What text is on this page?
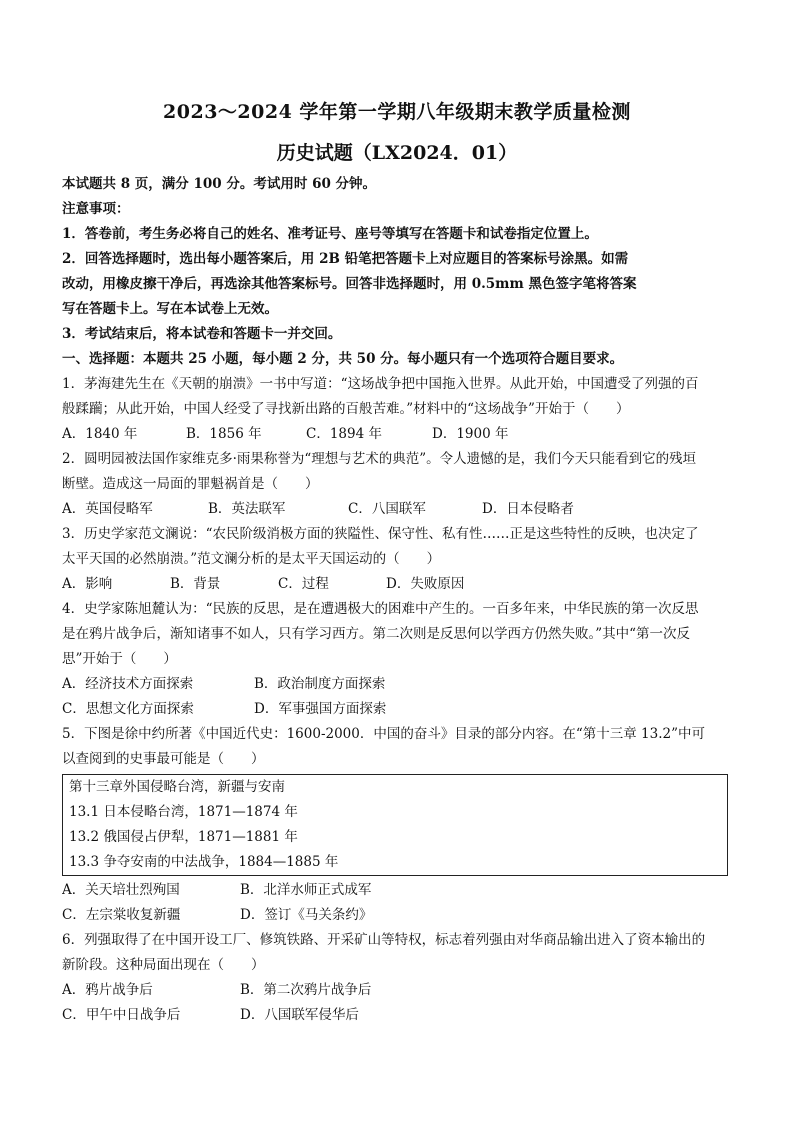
2023～2024 学年第一学期八年级期末教学质量检测
历史试题（LX2024．01）
本试题共 8 页，满分 100 分。考试用时 60 分钟。
注意事项：
1．答卷前，考生务必将自己的姓名、准考证号、座号等填写在答题卡和试卷指定位置上。
2．回答选择题时，选出每小题答案后，用 2B 铅笔把答题卡上对应题目的答案标号涂黑。如需
改动，用橡皮擦干净后，再选涂其他答案标号。回答非选择题时，用 0.5mm 黑色签字笔将答案
写在答题卡上。写在本试卷上无效。
3．考试结束后，将本试卷和答题卡一并交回。
一、选择题：本题共 25 小题，每小题 2 分，共 50 分。每小题只有一个选项符合题目要求。
1．茅海建先生在《天朝的崩溃》一书中写道：“这场战争把中国拖入世界。从此开始，中国遭受了列强的百
般蹂躏；从此开始，中国人经受了寻找新出路的百般苦难。”材料中的“这场战争”开始于（　　）
A．1840 年	B．1856 年	C．1894 年	D．1900 年
2．圆明园被法国作家维克多·雨果称誉为“理想与艺术的典范”。令人遗憾的是，我们今天只能看到它的残垣
断壁。造成这一局面的罪魁祸首是（　　）
A．英国侵略军	B．英法联军	C．八国联军	D．日本侵略者
3．历史学家范文澜说：“农民阶级消极方面的狭隘性、保守性、私有性……正是这些特性的反映，也决定了
太平天国的必然崩溃。”范文澜分析的是太平天国运动的（　　）
A．影响	B．背景	C．过程	D．失败原因
4．史学家陈旭麓认为：“民族的反思，是在遭遇极大的困难中产生的。一百多年来，中华民族的第一次反思
是在鸦片战争后，渐知诸事不如人，只有学习西方。第二次则是反思何以学西方仍然失败。”其中“第一次反
思”开始于（　　）
A．经济技术方面探索	B．政治制度方面探索
C．思想文化方面探索	D．军事强国方面探索
5．下图是徐中约所著《中国近代史：1600-2000．中国的奋斗》目录的部分内容。在“第十三章 13.2”中可
以查阅到的史事最可能是（　　）
第十三章外国侵略台湾，新疆与安南
13.1 日本侵略台湾，1871—1874 年
13.2 俄国侵占伊犁，1871—1881 年
13.3 争夺安南的中法战争，1884—1885 年
A．关天培壮烈殉国	B．北洋水师正式成军
C．左宗棠收复新疆	D．签订《马关条约》
6．列强取得了在中国开设工厂、修筑铁路、开采矿山等特权，标志着列强由对华商品输出进入了资本输出的
新阶段。这种局面出现在（　　）
A．鸦片战争后	B．第二次鸦片战争后
C．甲午中日战争后	D．八国联军侵华后
